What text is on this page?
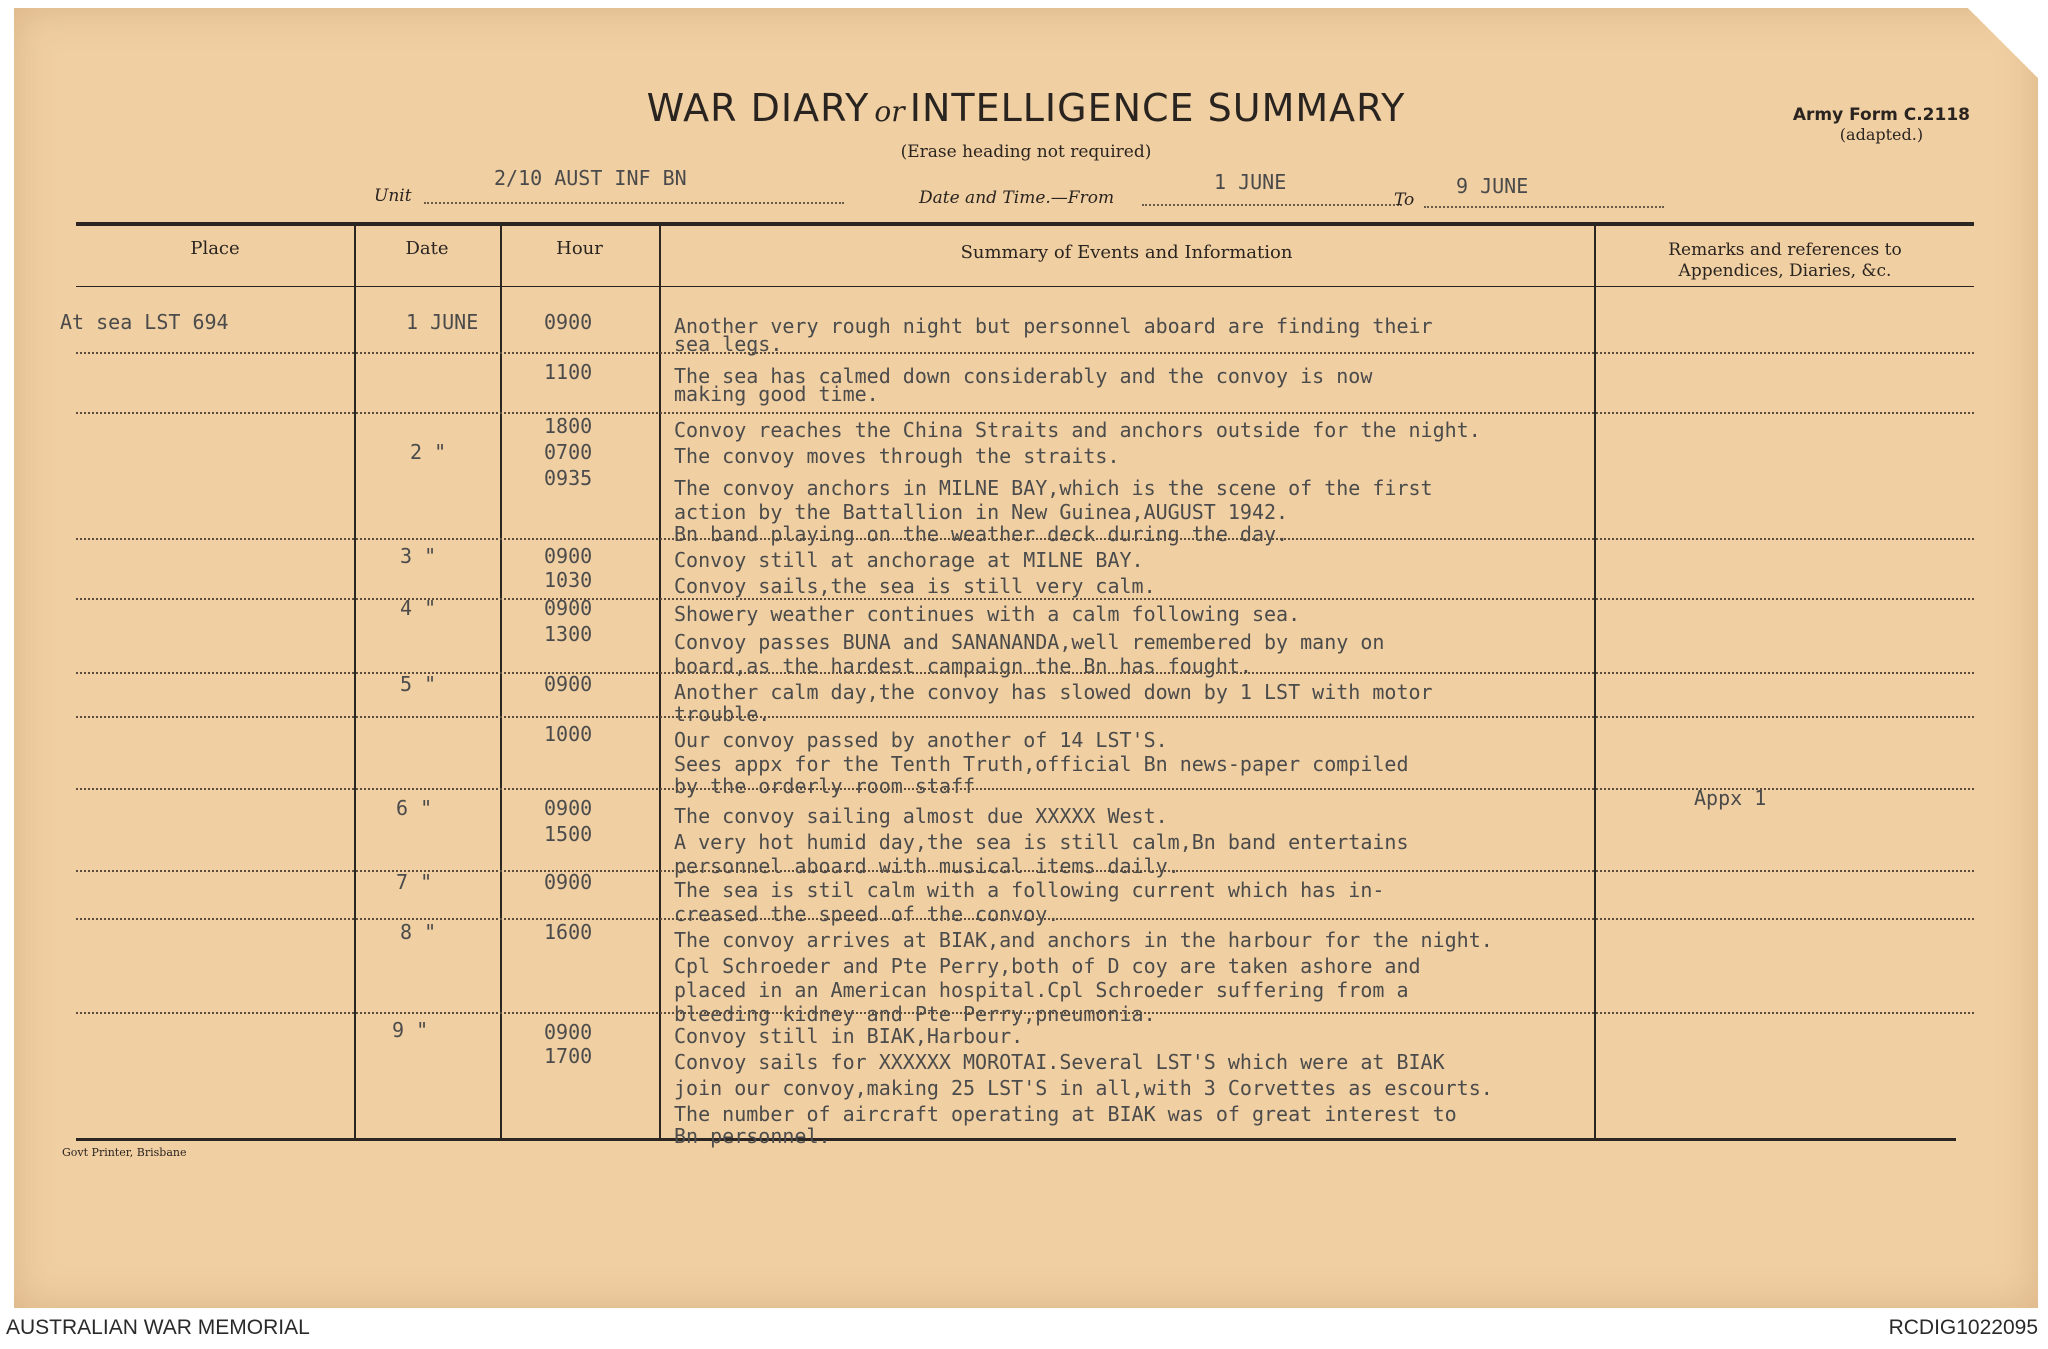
WAR DIARY or INTELLIGENCE SUMMARY
(Erase heading not required)
Army Form C.2118
(adapted.)
Unit
2/10 AUST INF BN
Date and Time.—From
1 JUNE
To
9 JUNE
Place	Date	Hour	Summary of Events and Information	Remarks and references to
Appendices, Diaries, &c.
At sea LST 694	1 JUNE	0900	Another very rough night but personnel aboard are finding their
sea legs.
1100	The sea has calmed down considerably and the convoy is now
making good time.
1800	Convoy reaches the China Straits and anchors outside for the night.
2 "	0700	The convoy moves through the straits.
0935	The convoy anchors in MILNE BAY,which is the scene of the first
action by the Battallion in New Guinea,AUGUST 1942.
Bn band playing on the weather deck during the day.
3 "	0900	Convoy still at anchorage at MILNE BAY.
1030	Convoy sails,the sea is still very calm.
4 "	0900	Showery weather continues with a calm following sea.
1300	Convoy passes BUNA and SANANANDA,well remembered by many on
board,as the hardest campaign the Bn has fought.
5 "	0900	Another calm day,the convoy has slowed down by 1 LST with motor
trouble.
1000	Our convoy passed by another of 14 LST'S.
Sees appx for the Tenth Truth,official Bn news-paper compiled
by the orderly room staff	Appx 1
6 "	0900	The convoy sailing almost due XXXXX West.
1500	A very hot humid day,the sea is still calm,Bn band entertains
personnel aboard with musical items daily.
7 "	0900	The sea is stil calm with a following current which has in-
creased the speed of the convoy.
8 "	1600	The convoy arrives at BIAK,and anchors in the harbour for the night.
Cpl Schroeder and Pte Perry,both of D coy are taken ashore and
placed in an American hospital.Cpl Schroeder suffering from a
bleeding kidney and Pte Perry,pneumonia.
9 "	0900	Convoy still in BIAK,Harbour.
1700	Convoy sails for XXXXXX MOROTAI.Several LST'S which were at BIAK
join our convoy,making 25 LST'S in all,with 3 Corvettes as escourts.
The number of aircraft operating at BIAK was of great interest to
Bn personnel.
Govt Printer, Brisbane
AUSTRALIAN WAR MEMORIAL	RCDIG1022095
